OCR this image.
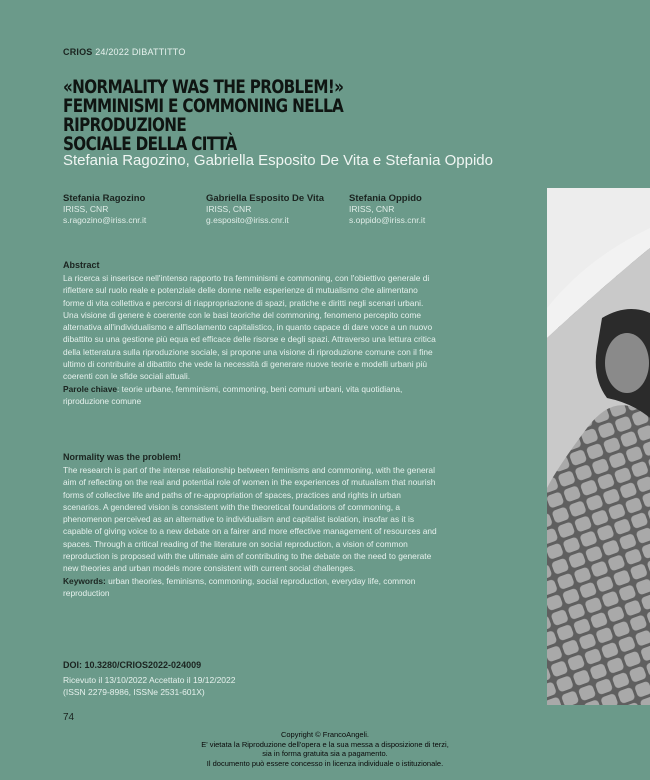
CRIOS 24/2022 DIBATTITTO
«NORMALITY WAS THE PROBLEM!»
FEMMINISMI E COMMONING NELLA RIPRODUZIONE
SOCIALE DELLA CITTÀ
Stefania Ragozino, Gabriella Esposito De Vita e Stefania Oppido
Stefania Ragozino
IRISS, CNR
s.ragozino@iriss.cnr.it
Gabriella Esposito De Vita
IRISS, CNR
g.esposito@iriss.cnr.it
Stefania Oppido
IRISS, CNR
s.oppido@iriss.cnr.it
Abstract

La ricerca si inserisce nell'intenso rapporto tra femminismi e commoning, con l'obiettivo generale di riflettere sul ruolo reale e potenziale delle donne nelle esperienze di mutualismo che alimentano forme di vita collettiva e percorsi di riappropriazione di spazi, pratiche e diritti negli scenari urbani. Una visione di genere è coerente con le basi teoriche del commoning, fenomeno percepito come alternativa all'individualismo e all'isolamento capitalistico, in quanto capace di dare voce a un nuovo dibattito su una gestione più equa ed efficace delle risorse e degli spazi. Attraverso una lettura critica della letteratura sulla riproduzione sociale, si propone una visione di riproduzione comune con il fine ultimo di contribuire al dibattito che vede la necessità di generare nuove teorie e modelli urbani più coerenti con le sfide sociali attuali.
Parole chiave: teorie urbane, femminismi, commoning, beni comuni urbani, vita quotidiana, riproduzione comune

Normality was the problem!

The research is part of the intense relationship between feminisms and commoning, with the general aim of reflecting on the real and potential role of women in the experiences of mutualism that nourish forms of collective life and paths of re-appropriation of spaces, practices and rights in urban scenarios. A gendered vision is consistent with the theoretical foundations of commoning, a phenomenon perceived as an alternative to individualism and capitalist isolation, insofar as it is capable of giving voice to a new debate on a fairer and more effective management of resources and spaces. Through a critical reading of the literature on social reproduction, a vision of common reproduction is proposed with the ultimate aim of contributing to the debate on the need to generate new theories and urban models more consistent with current social challenges.
Keywords: urban theories, feminisms, commoning, social reproduction, everyday life, common reproduction

DOI: 10.3280/CRIOS2022-024009
Ricevuto il 13/10/2022 Accettato il 19/12/2022
(ISSN 2279-8986, ISSNe 2531-601X)
74
Copyright © FrancoAngeli.
E' vietata la Riproduzione dell'opera e la sua messa a disposizione di terzi,
sia in forma gratuita sia a pagamento.
Il documento può essere concesso in licenza individuale o istituzionale.
